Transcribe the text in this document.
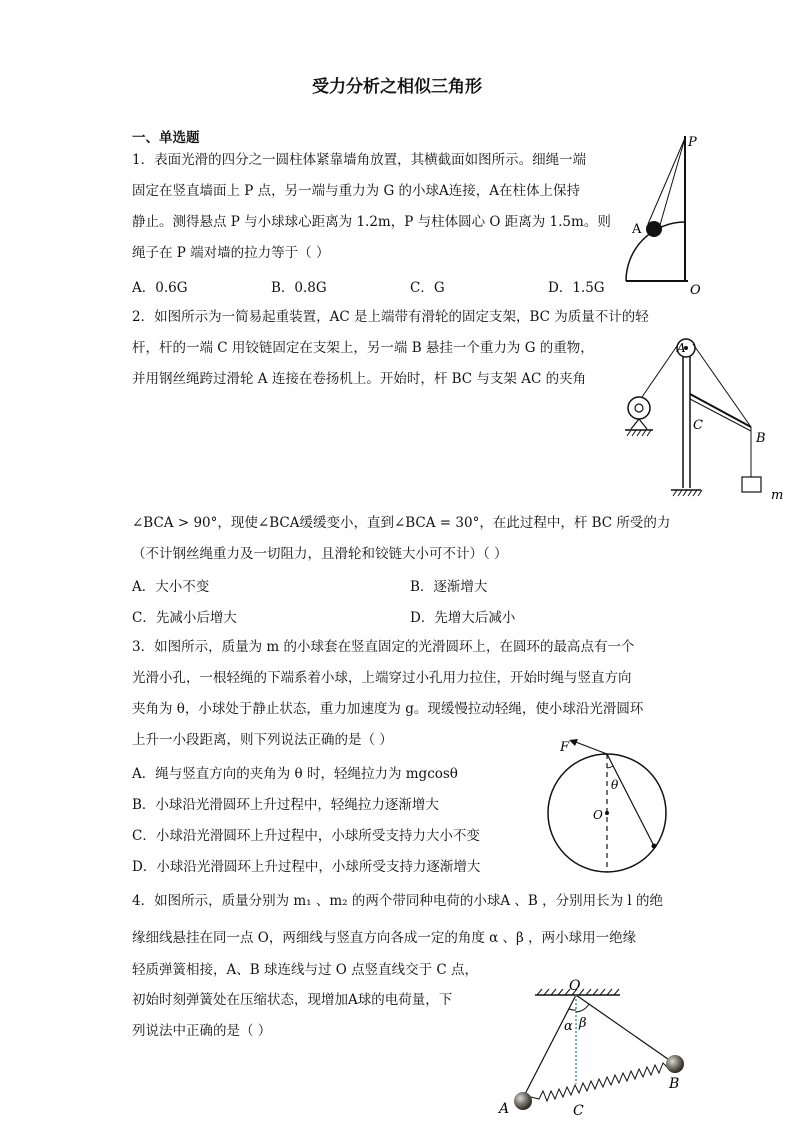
受力分析之相似三角形
一、单选题
1．表面光滑的四分之一圆柱体紧靠墙角放置，其横截面如图所示。细绳一端
固定在竖直墙面上 P 点，另一端与重力为 G 的小球A连接，A在柱体上保持
静止。测得悬点 P 与小球球心距离为 1.2m，P 与柱体圆心 O 距离为 1.5m。则
绳子在 P 端对墙的拉力等于（ ）
A．0.6G	B．0.8G	C．G	D．1.5G
P
A
O
2．如图所示为一简易起重装置，AC 是上端带有滑轮的固定支架，BC 为质量不计的轻
杆，杆的一端 C 用铰链固定在支架上，另一端 B 悬挂一个重力为 G 的重物，
并用钢丝绳跨过滑轮 A 连接在卷扬机上。开始时，杆 BC 与支架 AC 的夹角
∠BCA > 90°，现使∠BCA缓缓变小，直到∠BCA = 30°，在此过程中，杆 BC 所受的力
（不计钢丝绳重力及一切阻力，且滑轮和铰链大小可不计）（ ）
A．大小不变	B．逐渐增大
C．先减小后增大	D．先增大后减小
A
C
B
m
3．如图所示，质量为 m 的小球套在竖直固定的光滑圆环上，在圆环的最高点有一个
光滑小孔，一根轻绳的下端系着小球，上端穿过小孔用力拉住，开始时绳与竖直方向
夹角为 θ，小球处于静止状态，重力加速度为 g。现缓慢拉动轻绳，使小球沿光滑圆环
上升一小段距离，则下列说法正确的是（ ）
A．绳与竖直方向的夹角为 θ 时，轻绳拉力为 mgcosθ
B．小球沿光滑圆环上升过程中，轻绳拉力逐渐增大
C．小球沿光滑圆环上升过程中，小球所受支持力大小不变
D．小球沿光滑圆环上升过程中，小球所受支持力逐渐增大
F
θ
O
4．如图所示，质量分别为 m₁ 、m₂ 的两个带同种电荷的小球A 、B ，分别用长为 l 的绝
缘细线悬挂在同一点 O，两细线与竖直方向各成一定的角度 α 、β ，两小球用一绝缘
轻质弹簧相接，A、B 球连线与过 O 点竖直线交于 C 点，
初始时刻弹簧处在压缩状态，现增加A球的电荷量，下
列说法中正确的是（ ）
O
α β
A
B
C
